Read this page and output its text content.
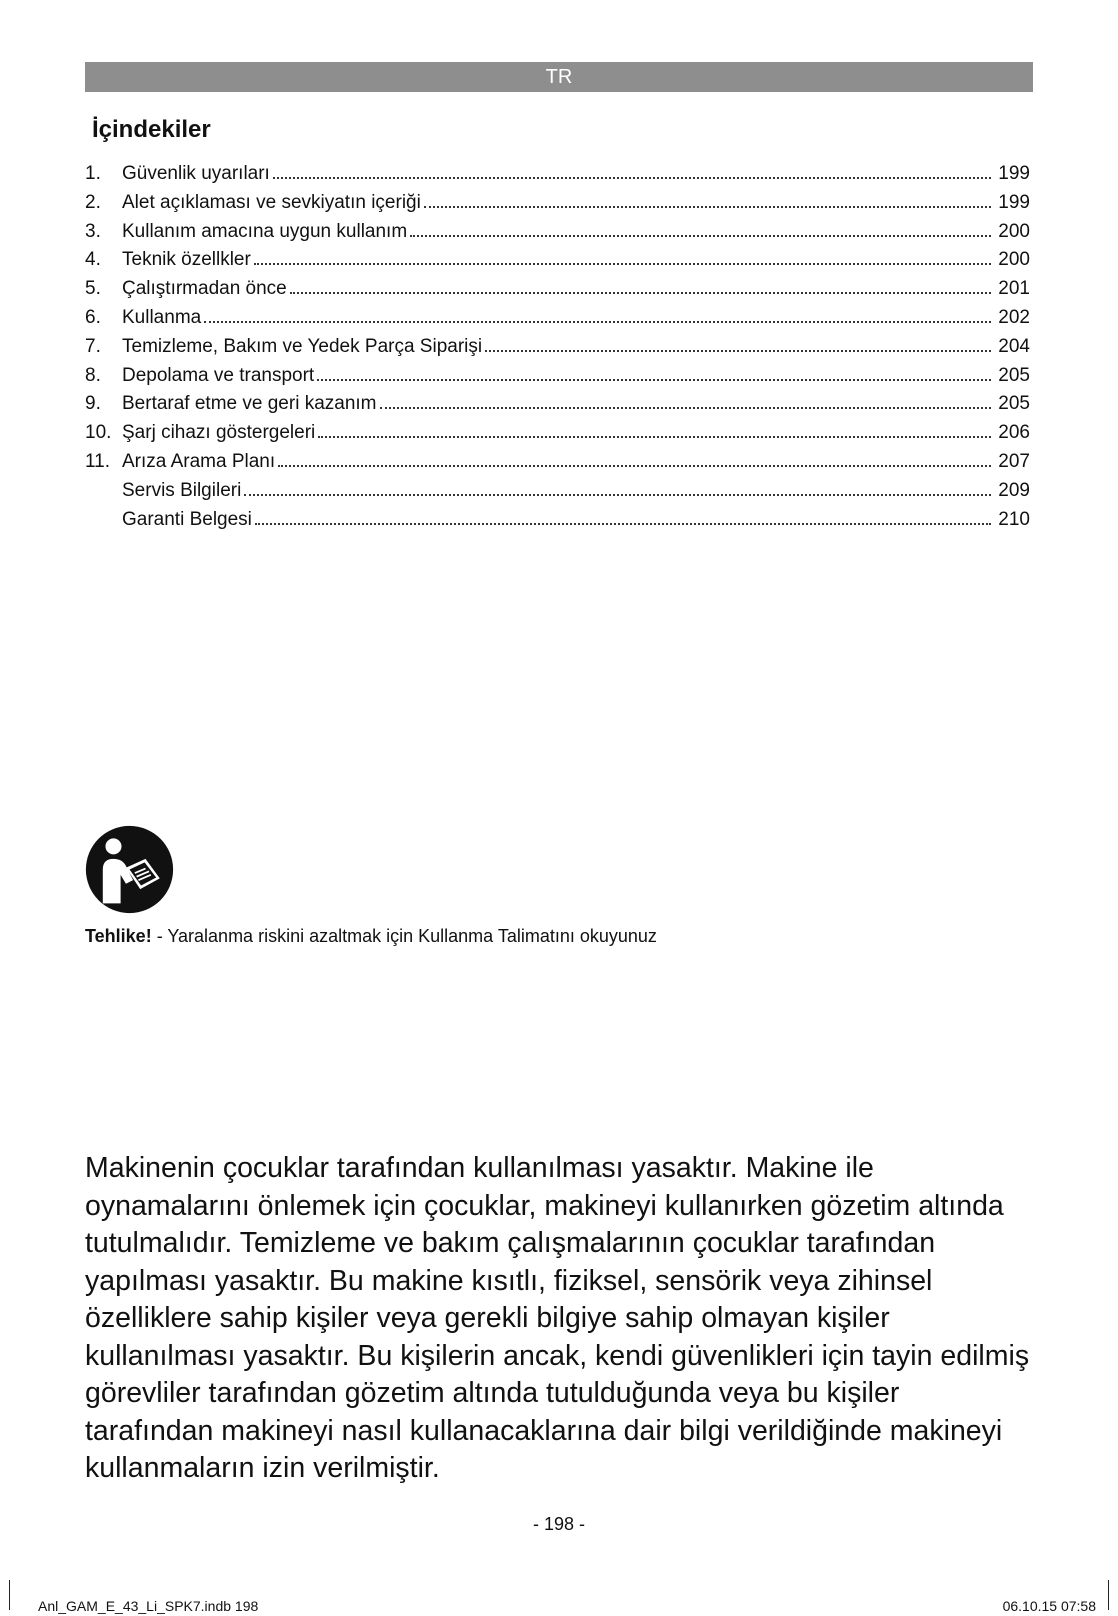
TR
İçindekiler
1.	Güvenlik uyarıları	199
2.	Alet açıklaması ve sevkiyatın içeriği	199
3.	Kullanım amacına uygun kullanım	200
4.	Teknik özellkler	200
5.	Çalıştırmadan önce	201
6.	Kullanma	202
7.	Temizleme, Bakım ve Yedek Parça Siparişi	204
8.	Depolama ve transport	205
9.	Bertaraf etme ve geri kazanım	205
10. Şarj cihazı göstergeleri	206
11. Arıza Arama Planı	207
Servis Bilgileri	209
Garanti Belgesi	210
Tehlike! - Yaralanma riskini azaltmak için Kullanma Talimatını okuyunuz

Makinenin çocuklar tarafından kullanılması yasaktır. Makine ile oynamalarını önlemek için çocuklar, makineyi kullanırken gözetim altında tutulmalıdır. Temizleme ve bakım çalışmalarının çocuklar tarafından yapılması yasaktır. Bu makine kısıtlı, fiziksel, sensörik veya zihinsel özelliklere sahip kişiler veya gerekli bilgiye sahip olmayan kişiler kullanılması yasaktır. Bu kişilerin ancak, kendi güvenlikleri için tayin edilmiş görevliler tarafından gözetim altında tutulduğunda veya bu kişiler tarafından makineyi nasıl kullanacaklarına dair bilgi verildiğinde makineyi kullanmaların izin verilmiştir.

- 198 -
Anl_GAM_E_43_Li_SPK7.indb 198	06.10.15 07:58
